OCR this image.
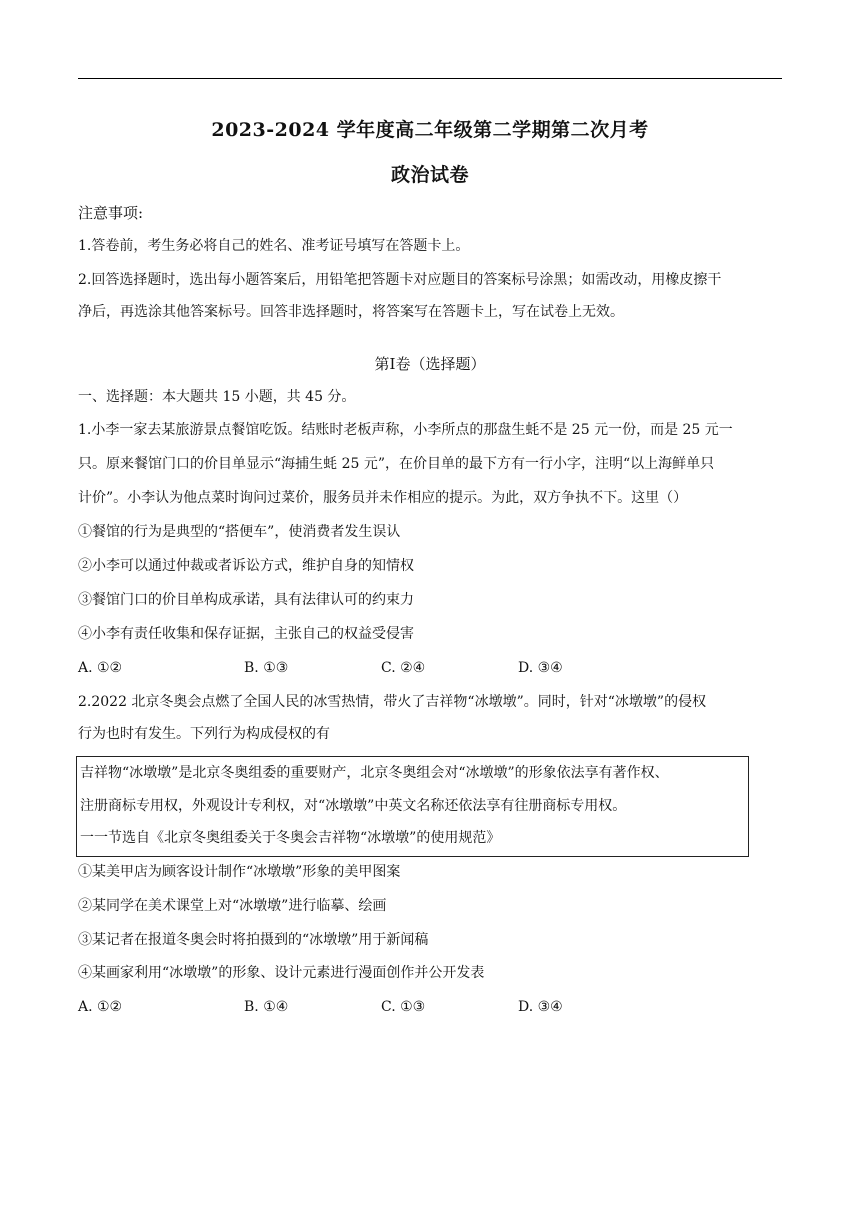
2023-2024 学年度高二年级第二学期第二次月考
政治试卷
注意事项:
1.答卷前，考生务必将自己的姓名、准考证号填写在答题卡上。
2.回答选择题时，选出每小题答案后，用铅笔把答题卡对应题目的答案标号涂黑；如需改动，用橡皮擦干
净后，再选涂其他答案标号。回答非选择题时，将答案写在答题卡上，写在试卷上无效。
第Ⅰ卷（选择题）
一、选择题：本大题共 15 小题，共 45 分。
1.小李一家去某旅游景点餐馆吃饭。结账时老板声称，小李所点的那盘生蚝不是 25 元一份，而是 25 元一
只。原来餐馆门口的价目单显示“海捕生蚝 25 元”，在价目单的最下方有一行小字，注明“以上海鲜单只
计价”。小李认为他点菜时询问过菜价，服务员并未作相应的提示。为此，双方争执不下。这里（）
①餐馆的行为是典型的“搭便车”，使消费者发生误认
②小李可以通过仲裁或者诉讼方式，维护自身的知情权
③餐馆门口的价目单构成承诺，具有法律认可的约束力
④小李有责任收集和保存证据，主张自己的权益受侵害
A. ①②	B. ①③	C. ②④	D. ③④
2.2022 北京冬奥会点燃了全国人民的冰雪热情，带火了吉祥物“冰墩墩”。同时，针对“冰墩墩”的侵权
行为也时有发生。下列行为构成侵权的有
吉祥物“冰墩墩”是北京冬奥组委的重要财产，北京冬奥组会对“冰墩墩”的形象依法享有著作权、
注册商标专用权，外观设计专利权，对“冰墩墩”中英文名称还依法享有往册商标专用权。
一一节选自《北京冬奥组委关于冬奥会吉祥物“冰墩墩”的使用规范》
①某美甲店为顾客设计制作“冰墩墩”形象的美甲图案
②某同学在美术课堂上对“冰墩墩”进行临摹、绘画
③某记者在报道冬奥会时将拍摄到的“冰墩墩”用于新闻稿
④某画家利用“冰墩墩”的形象、设计元素进行漫面创作并公开发表
A. ①②	B. ①④	C. ①③	D. ③④
